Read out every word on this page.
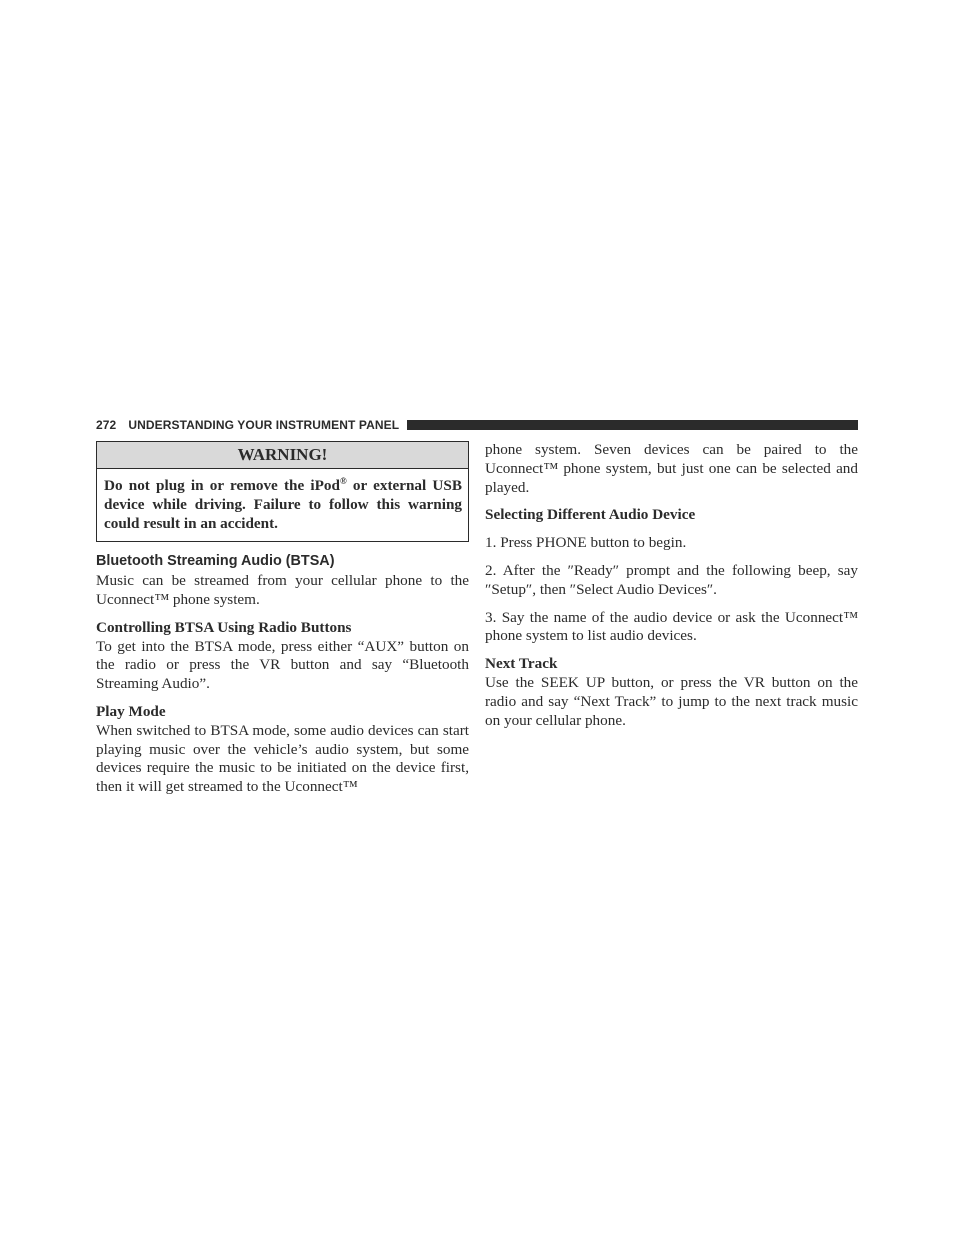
272 UNDERSTANDING YOUR INSTRUMENT PANEL
WARNING!
Do not plug in or remove the iPod® or external USB device while driving. Failure to follow this warning could result in an accident.
Bluetooth Streaming Audio (BTSA)

Music can be streamed from your cellular phone to the Uconnect™ phone system.

Controlling BTSA Using Radio Buttons

To get into the BTSA mode, press either “AUX” button on the radio or press the VR button and say “Bluetooth Streaming Audio”.

Play Mode

When switched to BTSA mode, some audio devices can start playing music over the vehicle’s audio system, but some devices require the music to be initiated on the device first, then it will get streamed to the Uconnect™

phone system. Seven devices can be paired to the Uconnect™ phone system, but just one can be selected and played.

Selecting Different Audio Device

1. Press PHONE button to begin.

2. After the ″Ready″ prompt and the following beep, say ″Setup″, then ″Select Audio Devices″.

3. Say the name of the audio device or ask the Uconnect™ phone system to list audio devices.

Next Track

Use the SEEK UP button, or press the VR button on the radio and say “Next Track” to jump to the next track music on your cellular phone.
